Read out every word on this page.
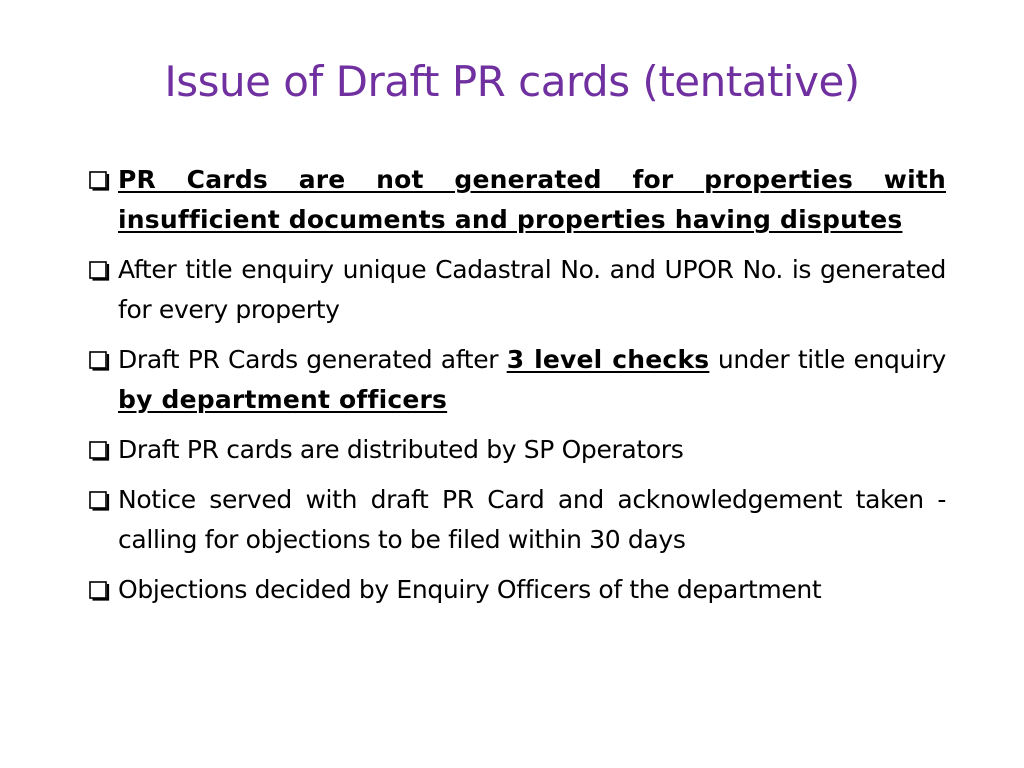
Issue of Draft PR cards (tentative)
PR Cards are not generated for properties with insufficient documents and properties having disputes
After title enquiry unique Cadastral No. and UPOR No. is generated for every property
Draft PR Cards generated after 3 level checks under title enquiry by department officers
Draft PR cards are distributed by SP Operators
Notice served with draft PR Card and acknowledgement taken - calling for objections to be filed within 30 days
Objections decided by Enquiry Officers of the department
